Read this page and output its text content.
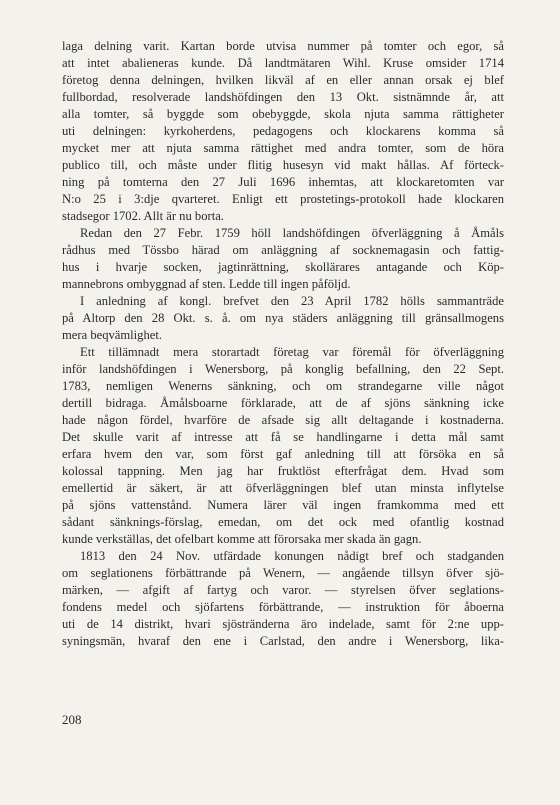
laga delning varit. Kartan borde utvisa nummer på tomter och egor, så
att intet abalieneras kunde. Då landtmätaren Wihl. Kruse omsider 1714
företog denna delningen, hvilken likväl af en eller annan orsak ej blef
fullbordad, resolverade landshöfdingen den 13 Okt. sistnämnde år, att
alla tomter, så byggde som obebyggde, skola njuta samma rättigheter
uti delningen: kyrkoherdens, pedagogens och klockarens komma så
mycket mer att njuta samma rättighet med andra tomter, som de höra
publico till, och måste under flitig husesyn vid makt hållas. Af förteck-
ning på tomterna den 27 Juli 1696 inhemtas, att klockaretomten var
N:o 25 i 3:dje qvarteret. Enligt ett prostetings-protokoll hade klockaren
stadsegor 1702. Allt är nu borta.
Redan den 27 Febr. 1759 höll landshöfdingen öfverläggning å Åmåls
rådhus med Tössbo härad om anläggning af socknemagasin och fattig-
hus i hvarje socken, jagtinrättning, skollärares antagande och Köp-
mannebrons ombyggnad af sten. Ledde till ingen påföljd.
I anledning af kongl. brefvet den 23 April 1782 hölls sammanträde
på Altorp den 28 Okt. s. å. om nya städers anläggning till gränsallmogens
mera beqvämlighet.
Ett tillämnadt mera storartadt företag var föremål för öfverläggning
inför landshöfdingen i Wenersborg, på konglig befallning, den 22 Sept.
1783, nemligen Wenerns sänkning, och om strandegarne ville något
dertill bidraga. Åmålsboarne förklarade, att de af sjöns sänkning icke
hade någon fördel, hvarföre de afsade sig allt deltagande i kostnaderna.
Det skulle varit af intresse att få se handlingarne i detta mål samt
erfara hvem den var, som först gaf anledning till att försöka en så
kolossal tappning. Men jag har fruktlöst efterfrågat dem. Hvad som
emellertid är säkert, är att öfverläggningen blef utan minsta inflytelse
på sjöns vattenstånd. Numera lärer väl ingen framkomma med ett
sådant sänknings-förslag, emedan, om det ock med ofantlig kostnad
kunde verkställas, det ofelbart komme att förorsaka mer skada än gagn.
1813 den 24 Nov. utfärdade konungen nådigt bref och stadganden
om seglationens förbättrande på Wenern, — angående tillsyn öfver sjö-
märken, — afgift af fartyg och varor. — styrelsen öfver seglations-
fondens medel och sjöfartens förbättrande, — instruktion för åboerna
uti de 14 distrikt, hvari sjöstränderna äro indelade, samt för 2:ne upp-
syningsmän, hvaraf den ene i Carlstad, den andre i Wenersborg, lika-
208
